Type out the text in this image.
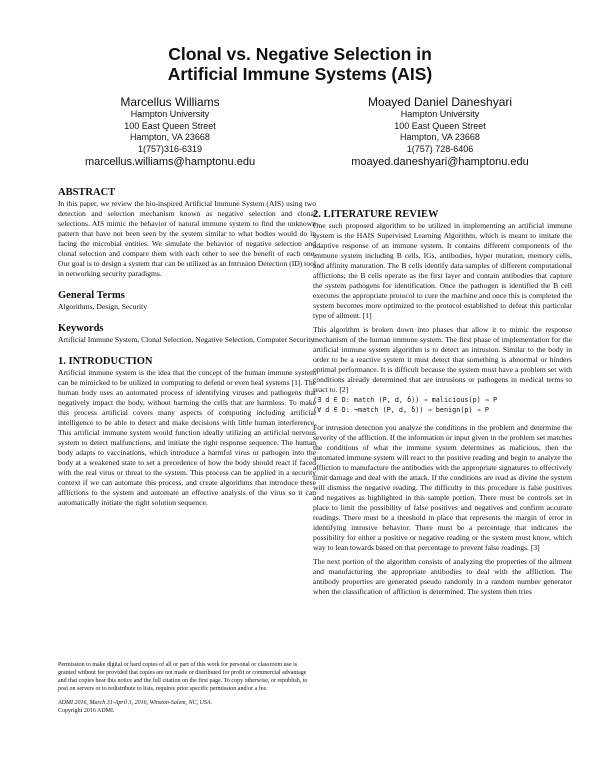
Clonal vs. Negative Selection in
Artificial Immune Systems (AIS)
Marcellus Williams
Hampton University
100 East Queen Street
Hampton, VA 23668
1(757)316-6319
marcellus.williams@hamptonu.edu
Moayed Daniel Daneshyari
Hampton University
100 East Queen Street
Hampton, VA 23668
1(757) 728-6406
moayed.daneshyari@hamptonu.edu
ABSTRACT

In this paper, we review the bio-inspired Artificial Immune System (AIS) using two detection and selection mechanism known as negative selection and clonal selections. AIS mimic the behavior of natural immune system to find the unknown pattern that have not been seen by the system similar to what bodies would do in facing the microbial entities. We simulate the behavior of negative selection and clonal selection and compare them with each other to see the benefit of each one. Our goal is to design a system that can be utilized as an Intrusion Detection (ID) tool in networking security paradigms.

General Terms

Algorithms, Design, Security

Keywords

Artificial Immune System, Clonal Selection, Negative Selection, Computer Security

1. INTRODUCTION

Artificial immune system is the idea that the concept of the human immune system can be mimicked to be utilized in computing to defend or even heal systems [1]. The human body uses an automated process of identifying viruses and pathogens that negatively impact the body, without harming the cells that are harmless. To make this process artificial covers many aspects of computing including artificial intelligence to be able to detect and make decisions with little human interference. This artificial immune system would function ideally utilizing an artificial nervous system to detect malfunctions, and initiate the right response sequence. The human body adapts to vaccinations, which introduce a harmful virus or pathogen into the body at a weakened state to set a precedence of how the body should react if faced with the real virus or threat to the system. This process can be applied in a security context if we can automate this process, and create algorithms that introduce these afflictions to the system and automate an effective analysis of the virus so it can automatically initiate the right solution sequence.

2. LITERATURE REVIEW

One such proposed algorithm to be utilized in implementing an artificial immune system is the HAIS Supervised Learning Algorithm, which is meant to imitate the adaptive response of an immune system. It contains different components of the immune system including B cells, IGs, antibodies, hyper mutation, memory cells, and affinity maturation. The B cells identify data samples of different computational afflictions; the B cells operate as the first layer and contain antibodies that capture the system pathogens for identification. Once the pathogen is identified the B cell executes the appropriate protocol to cure the machine and once this is completed the system becomes more optimized to the protocol established to defeat this particular type of ailment. [1]

This algorithm is broken down into phases that allow it to mimic the response mechanism of the human immune system. The first phase of implementation for the artificial immune system algorithm is to detect an intrusion. Similar to the body in order to be a reactive system it must detect that something is abnormal or hinders optimal performance. It is difficult because the system must have a problem set with conditions already determined that are intrusions or pathogens in medical terms to react to. [2]

(∃ d ∈ D: match (P, d, δ)) ⇒ malicious(p) ⇒ P
(∀ d ∈ D: ¬match (P, d, δ)) ⇒ benign(p) ⇒ P

For intrusion detection you analyze the conditions in the problem and determine the severity of the affliction. If the information or input given in the problem set matches the conditions of what the immune system determines as malicious, then the automated immune system will react to the positive reading and begin to analyze the affliction to manufacture the antibodies with the appropriate signatures to effectively limit damage and deal with the attack. If the conditions are read as divine the system will dismiss the negative reading. The difficulty in this procedure is false positives and negatives as highlighted in this sample portion. There must be controls set in place to limit the possibility of false positives and negatives and confirm accurate readings. There must be a threshold in place that represents the margin of error in identifying intrusive behavior. There must be a percentage that indicates the possibility for either a positive or negative reading or the system must know, which way to lean towards based on that percentage to prevent false readings. [3]

The next portion of the algorithm consists of analyzing the properties of the ailment and manufacturing the appropriate antibodies to deal with the affliction. The antibody properties are generated pseudo randomly in a random number generator when the classification of affliction is determined. The system then tries

Permission to make digital or hard copies of all or part of this work for personal or classroom use is granted without fee provided that copies are not made or distributed for profit or commercial advantage and that copies bear this notice and the full citation on the first page. To copy otherwise, or republish, to post on servers or to redistribute to lists, requires prior specific permission and/or a fee.

ADMI 2016, March 31-April 3, 2016, Winston-Salem, NC, USA.

Copyright 2016 ADMI.
